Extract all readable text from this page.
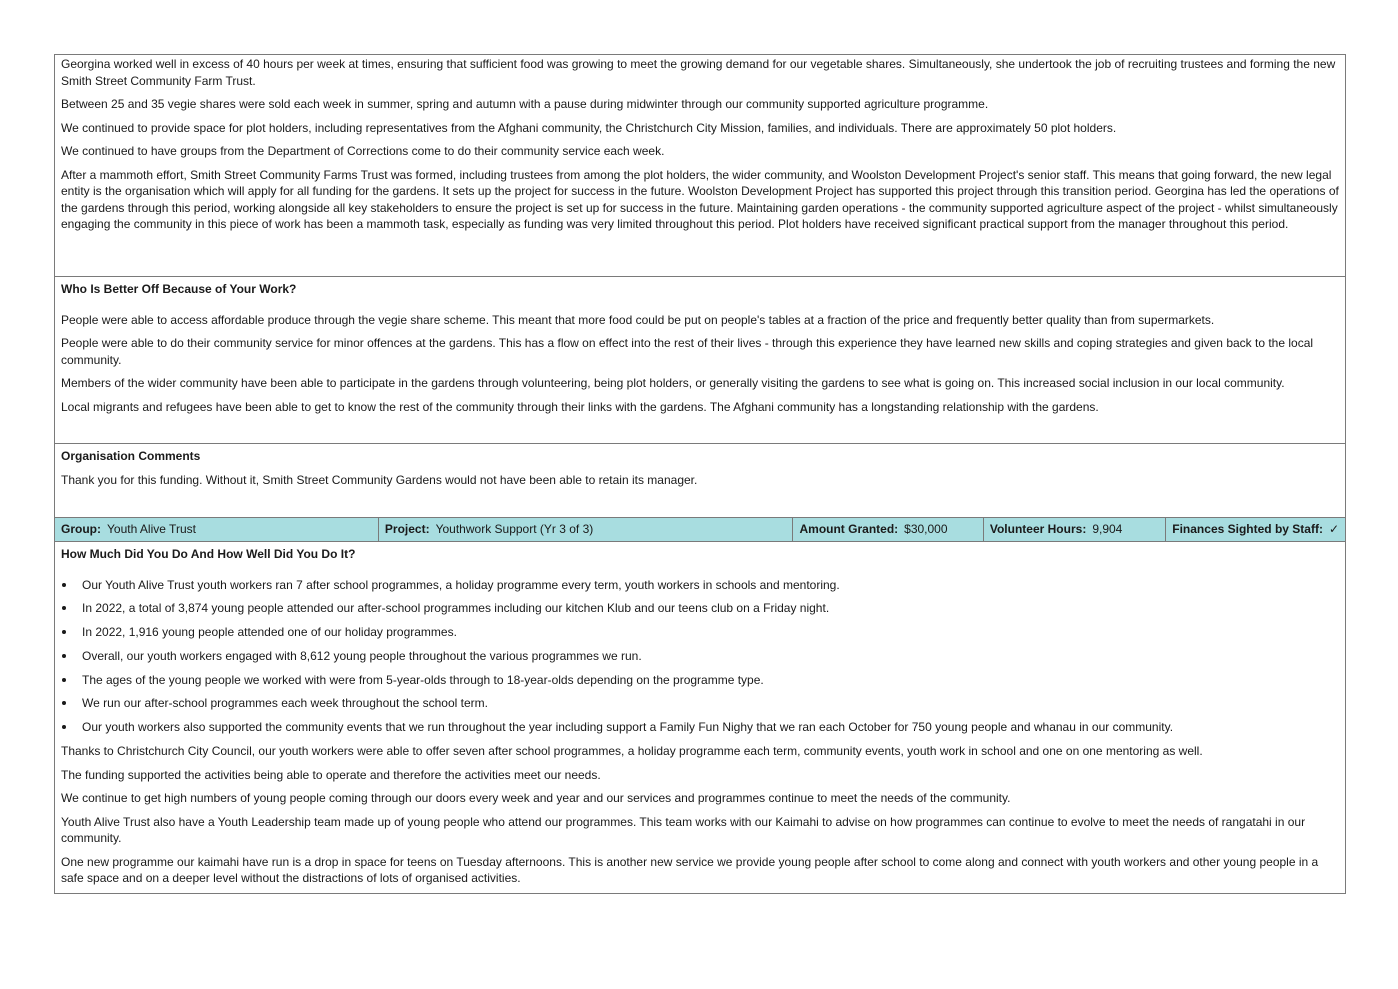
Georgina worked well in excess of 40 hours per week at times, ensuring that sufficient food was growing to meet the growing demand for our vegetable shares. Simultaneously, she undertook the job of recruiting trustees and forming the new Smith Street Community Farm Trust.

Between 25 and 35 vegie shares were sold each week in summer, spring and autumn with a pause during midwinter through our community supported agriculture programme.

We continued to provide space for plot holders, including representatives from the Afghani community, the Christchurch City Mission, families, and individuals. There are approximately 50 plot holders.

We continued to have groups from the Department of Corrections come to do their community service each week.

After a mammoth effort, Smith Street Community Farms Trust was formed, including trustees from among the plot holders, the wider community, and Woolston Development Project's senior staff. This means that going forward, the new legal entity is the organisation which will apply for all funding for the gardens. It sets up the project for success in the future. Woolston Development Project has supported this project through this transition period. Georgina has led the operations of the gardens through this period, working alongside all key stakeholders to ensure the project is set up for success in the future. Maintaining garden operations - the community supported agriculture aspect of the project - whilst simultaneously engaging the community in this piece of work has been a mammoth task, especially as funding was very limited throughout this period. Plot holders have received significant practical support from the manager throughout this period.

Who Is Better Off Because of Your Work?

People were able to access affordable produce through the vegie share scheme. This meant that more food could be put on people's tables at a fraction of the price and frequently better quality than from supermarkets.

People were able to do their community service for minor offences at the gardens. This has a flow on effect into the rest of their lives - through this experience they have learned new skills and coping strategies and given back to the local community.

Members of the wider community have been able to participate in the gardens through volunteering, being plot holders, or generally visiting the gardens to see what is going on. This increased social inclusion in our local community.

Local migrants and refugees have been able to get to know the rest of the community through their links with the gardens. The Afghani community has a longstanding relationship with the gardens.

Organisation Comments

Thank you for this funding. Without it, Smith Street Community Gardens would not have been able to retain its manager.

Group: Youth Alive Trust	Project: Youthwork Support (Yr 3 of 3)	Amount Granted: $30,000	Volunteer Hours: 9,904	Finances Sighted by Staff: ✓

How Much Did You Do And How Well Did You Do It?

Our Youth Alive Trust youth workers ran 7 after school programmes, a holiday programme every term, youth workers in schools and mentoring.
In 2022, a total of 3,874 young people attended our after-school programmes including our kitchen Klub and our teens club on a Friday night.
In 2022, 1,916 young people attended one of our holiday programmes.
Overall, our youth workers engaged with 8,612 young people throughout the various programmes we run.
The ages of the young people we worked with were from 5-year-olds through to 18-year-olds depending on the programme type.
We run our after-school programmes each week throughout the school term.
Our youth workers also supported the community events that we run throughout the year including support a Family Fun Nighy that we ran each October for 750 young people and whanau in our community.

Thanks to Christchurch City Council, our youth workers were able to offer seven after school programmes, a holiday programme each term, community events, youth work in school and one on one mentoring as well.

The funding supported the activities being able to operate and therefore the activities meet our needs.

We continue to get high numbers of young people coming through our doors every week and year and our services and programmes continue to meet the needs of the community.

Youth Alive Trust also have a Youth Leadership team made up of young people who attend our programmes. This team works with our Kaimahi to advise on how programmes can continue to evolve to meet the needs of rangatahi in our community.

One new programme our kaimahi have run is a drop in space for teens on Tuesday afternoons. This is another new service we provide young people after school to come along and connect with youth workers and other young people in a safe space and on a deeper level without the distractions of lots of organised activities.
